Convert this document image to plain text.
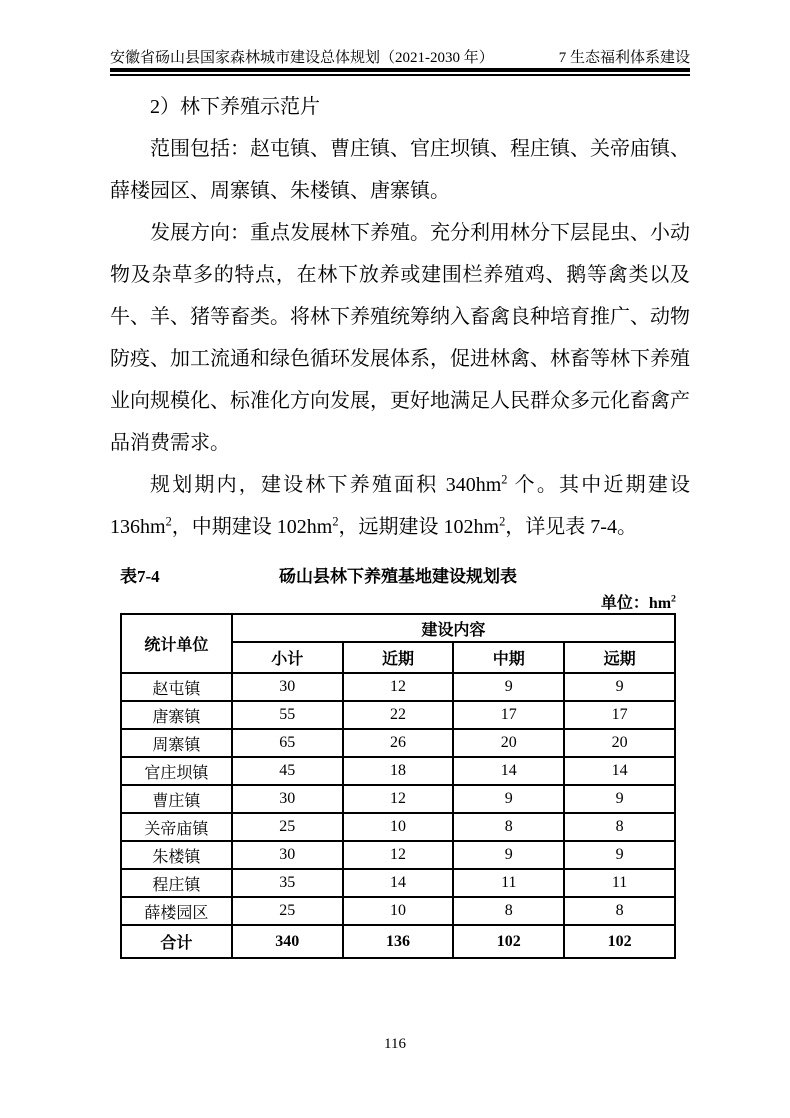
安徽省砀山县国家森林城市建设总体规划（2021-2030 年）	7 生态福利体系建设

2）林下养殖示范片

范围包括：赵屯镇、曹庄镇、官庄坝镇、程庄镇、关帝庙镇、薛楼园区、周寨镇、朱楼镇、唐寨镇。

发展方向：重点发展林下养殖。充分利用林分下层昆虫、小动物及杂草多的特点，在林下放养或建围栏养殖鸡、鹅等禽类以及牛、羊、猪等畜类。将林下养殖统筹纳入畜禽良种培育推广、动物防疫、加工流通和绿色循环发展体系，促进林禽、林畜等林下养殖业向规模化、标准化方向发展，更好地满足人民群众多元化畜禽产品消费需求。

规划期内，建设林下养殖面积 $340hm^2$ 个。其中近期建设 $136hm^2$，中期建设 $102hm^2$，远期建设 $102hm^2$，详见表 7-4。

表7-4	砀山县林下养殖基地建设规划表
单位：$hm^2$
统计单位	建设内容			
	小计	近期	中期	远期
赵屯镇	30	12	9	9
唐寨镇	55	22	17	17
周寨镇	65	26	20	20
官庄坝镇	45	18	14	14
曹庄镇	30	12	9	9
关帝庙镇	25	10	8	8
朱楼镇	30	12	9	9
程庄镇	35	14	11	11
薛楼园区	25	10	8	8
合计	340	136	102	102
116
